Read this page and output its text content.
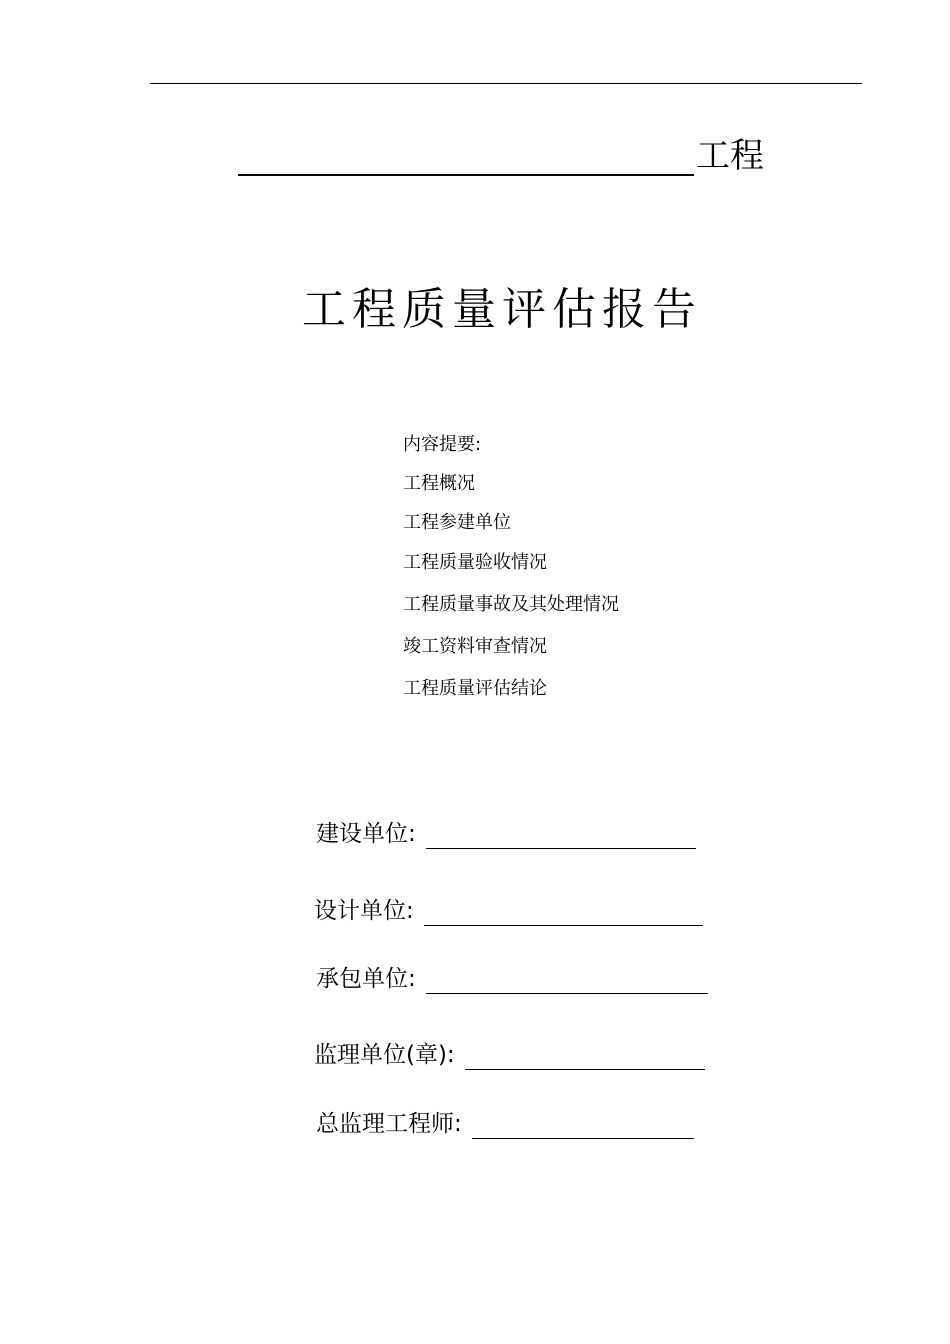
工程
工程质量评估报告
内容提要:
工程概况
工程参建单位
工程质量验收情况
工程质量事故及其处理情况
竣工资料审查情况
工程质量评估结论
建设单位:
设计单位:
承包单位:
监理单位(章):
总监理工程师:
